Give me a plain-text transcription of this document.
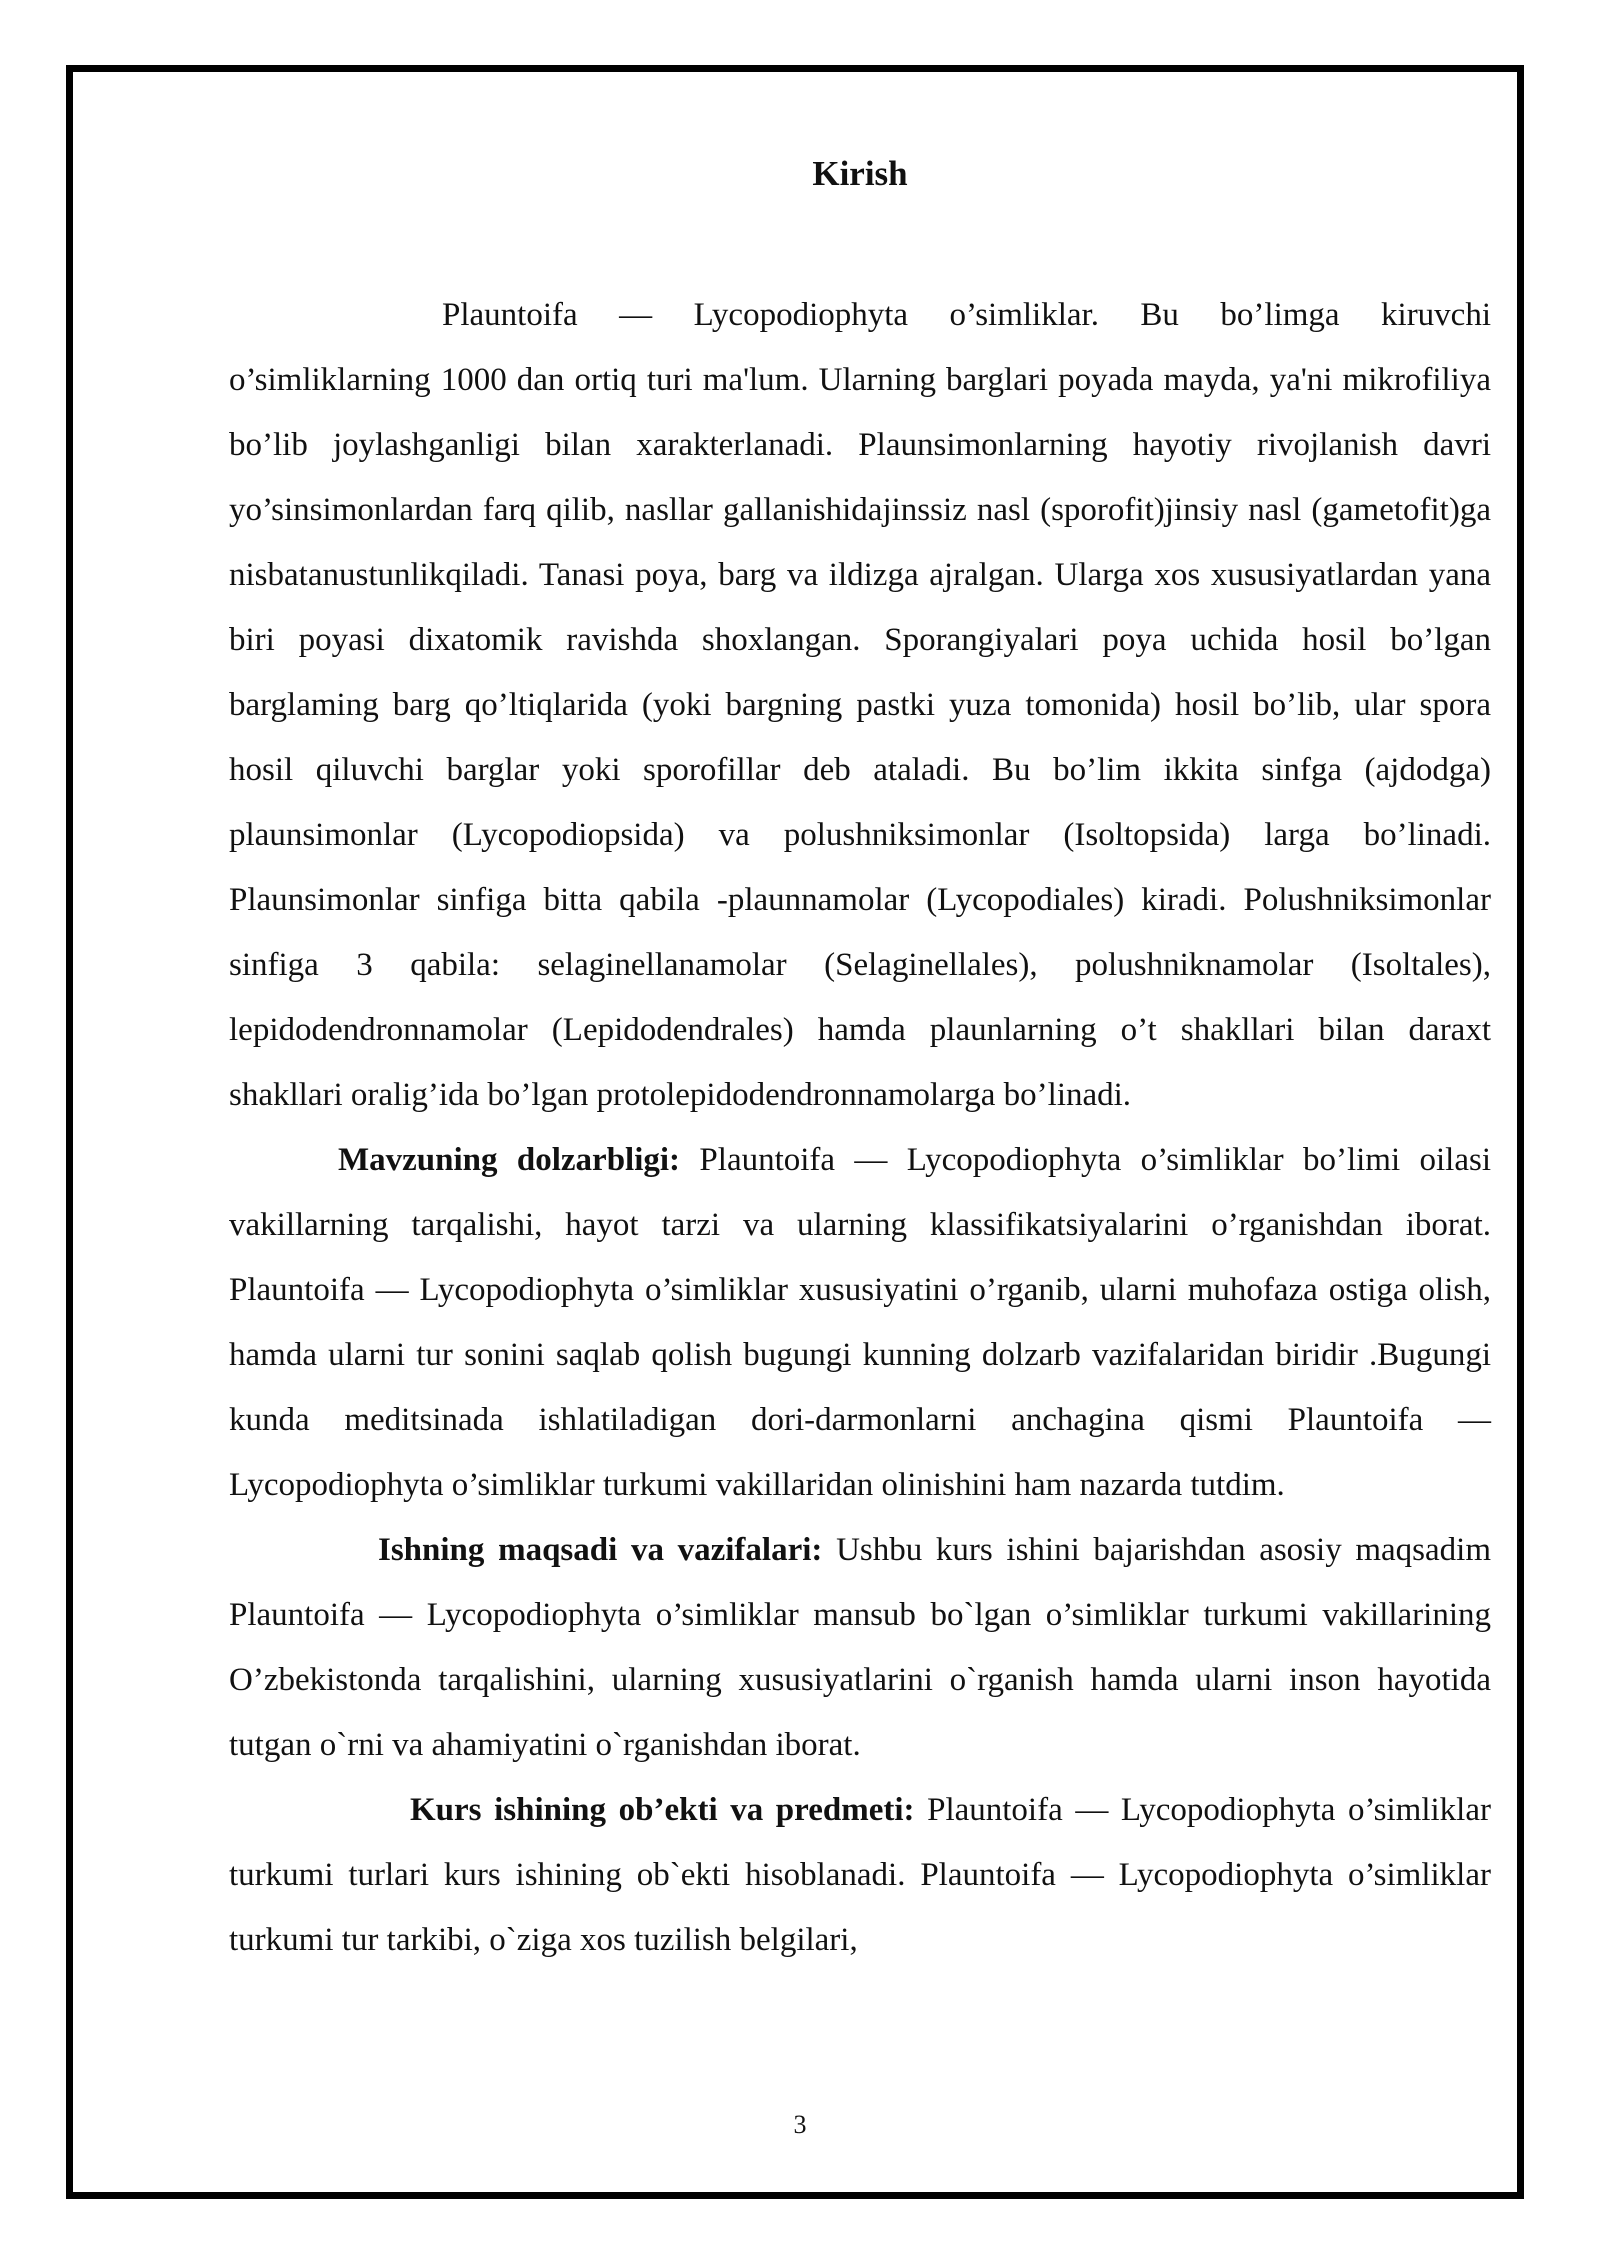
Kirish

Plauntoifa — Lycopodiophyta o’simliklar. Bu bo’limga kiruvchi o’simliklarning 1000 dan ortiq turi ma'lum. Ularning barglari poyada mayda, ya'ni mikrofiliya bo’lib joylashganligi bilan xarakterlanadi. Plaunsimonlarning hayotiy rivojlanish davri yo’sinsimonlardan farq qilib, nasllar gallanishidajinssiz nasl (sporofit)jinsiy nasl (gametofit)ga nisbatanustunlikqiladi. Tanasi poya, barg va ildizga ajralgan. Ularga xos xususiyatlardan yana biri poyasi dixatomik ravishda shoxlangan. Sporangiyalari poya uchida hosil bo’lgan barglaming barg qo’ltiqlarida (yoki bargning pastki yuza tomonida) hosil bo’lib, ular spora hosil qiluvchi barglar yoki sporofillar deb ataladi. Bu bo’lim ikkita sinfga (ajdodga) plaunsimonlar (Lycopodiopsida) va polushniksimonlar (Isoltopsida) larga bo’linadi. Plaunsimonlar sinfiga bitta qabila -plaunnamolar (Lycopodiales) kiradi. Polushniksimonlar sinfiga 3 qabila: selaginellanamolar (Selaginellales), polushniknamolar (Isoltales), lepidodendronnamolar (Lepidodendrales) hamda plaunlarning o’t shakllari bilan daraxt shakllari oralig’ida bo’lgan protolepidodendronnamolarga bo’linadi.

Mavzuning dolzarbligi: Plauntoifa — Lycopodiophyta o’simliklar bo’limi oilasi vakillarning tarqalishi, hayot tarzi va ularning klassifikatsiyalarini o’rganishdan iborat. Plauntoifa — Lycopodiophyta o’simliklar xususiyatini o’rganib, ularni muhofaza ostiga olish, hamda ularni tur sonini saqlab qolish bugungi kunning dolzarb vazifalaridan biridir .Bugungi kunda meditsinada ishlatiladigan dori-darmonlarni anchagina qismi Plauntoifa — Lycopodiophyta o’simliklar turkumi vakillaridan olinishini ham nazarda tutdim.

Ishning maqsadi va vazifalari: Ushbu kurs ishini bajarishdan asosiy maqsadim Plauntoifa — Lycopodiophyta o’simliklar mansub bo`lgan o’simliklar turkumi vakillarining O’zbekistonda tarqalishini, ularning xususiyatlarini o`rganish hamda ularni inson hayotida tutgan o`rni va ahamiyatini o`rganishdan iborat.

Kurs ishining ob’ekti va predmeti: Plauntoifa — Lycopodiophyta o’simliklar turkumi turlari kurs ishining ob`ekti hisoblanadi. Plauntoifa — Lycopodiophyta o’simliklar turkumi tur tarkibi, o`ziga xos tuzilish belgilari,

3
